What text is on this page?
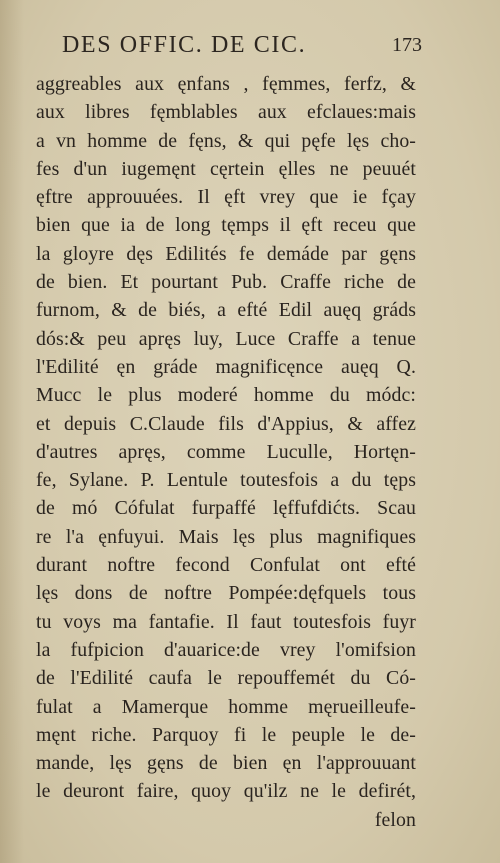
DES OFFIC. DE CIC.	173
aggreables aux ęnfans , fęmmes, ferfz, &
aux libres fęmblables aux efclaues:mais
a vn homme de fęns, & qui pęfe lęs cho-
fes d'un iugemęnt cęrtein ęlles ne peuuét
ęftre approuuées. Il ęft vrey que ie fçay
bien que ia de long tęmps il ęft receu que
la gloyre dęs Edilités fe demáde par gęns
de bien. Et pourtant Pub. Craffe riche de
furnom, & de biés, a efté Edil auęq gráds
dós:& peu apręs luy, Luce Craffe a tenue
l'Edilité ęn gráde magnificęnce auęq Q.
Mucc le plus moderé homme du módc:
et depuis C.Claude fils d'Appius, & affez
d'autres apręs, comme Luculle, Hortęn-
fe, Sylane. P. Lentule toutesfois a du tęps
de mó Cófulat furpaffé lęffufdićts. Scau
re l'a ęnfuyui. Mais lęs plus magnifiques
durant noftre fecond Confulat ont efté
lęs dons de noftre Pompée:dęfquels tous
tu voys ma fantafie. Il faut toutesfois fuyr
la fufpicion d'auarice:de vrey l'omifsion
de l'Edilité caufa le repouffemét du Có-
fulat a Mamerque homme męrueilleufe-
męnt riche. Parquoy fi le peuple le de-
mande, lęs gęns de bien ęn l'approuuant
le deuront faire, quoy qu'ilz ne le defirét,
felon
